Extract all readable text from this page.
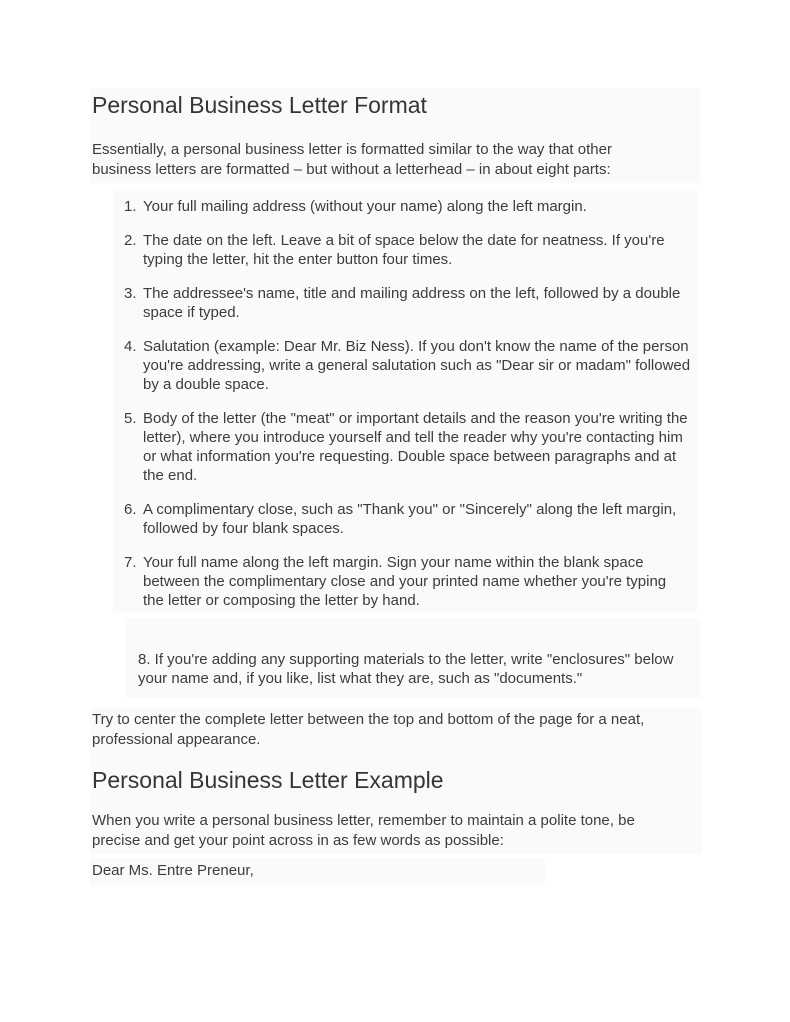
Personal Business Letter Format

Essentially, a personal business letter is formatted similar to the way that other business letters are formatted – but without a letterhead – in about eight parts:

Your full mailing address (without your name) along the left margin.
The date on the left. Leave a bit of space below the date for neatness. If you're typing the letter, hit the enter button four times.
The addressee's name, title and mailing address on the left, followed by a double space if typed.
Salutation (example: Dear Mr. Biz Ness). If you don't know the name of the person you're addressing, write a general salutation such as "Dear sir or madam" followed by a double space.
Body of the letter (the "meat" or important details and the reason you're writing the letter), where you introduce yourself and tell the reader why you're contacting him or what information you're requesting. Double space between paragraphs and at the end.
A complimentary close, such as "Thank you" or "Sincerely" along the left margin, followed by four blank spaces.
Your full name along the left margin. Sign your name within the blank space between the complimentary close and your printed name whether you're typing the letter or composing the letter by hand.

8. If you're adding any supporting materials to the letter, write "enclosures" below your name and, if you like, list what they are, such as "documents."

Try to center the complete letter between the top and bottom of the page for a neat, professional appearance.

Personal Business Letter Example

When you write a personal business letter, remember to maintain a polite tone, be precise and get your point across in as few words as possible:

Dear Ms. Entre Preneur,
